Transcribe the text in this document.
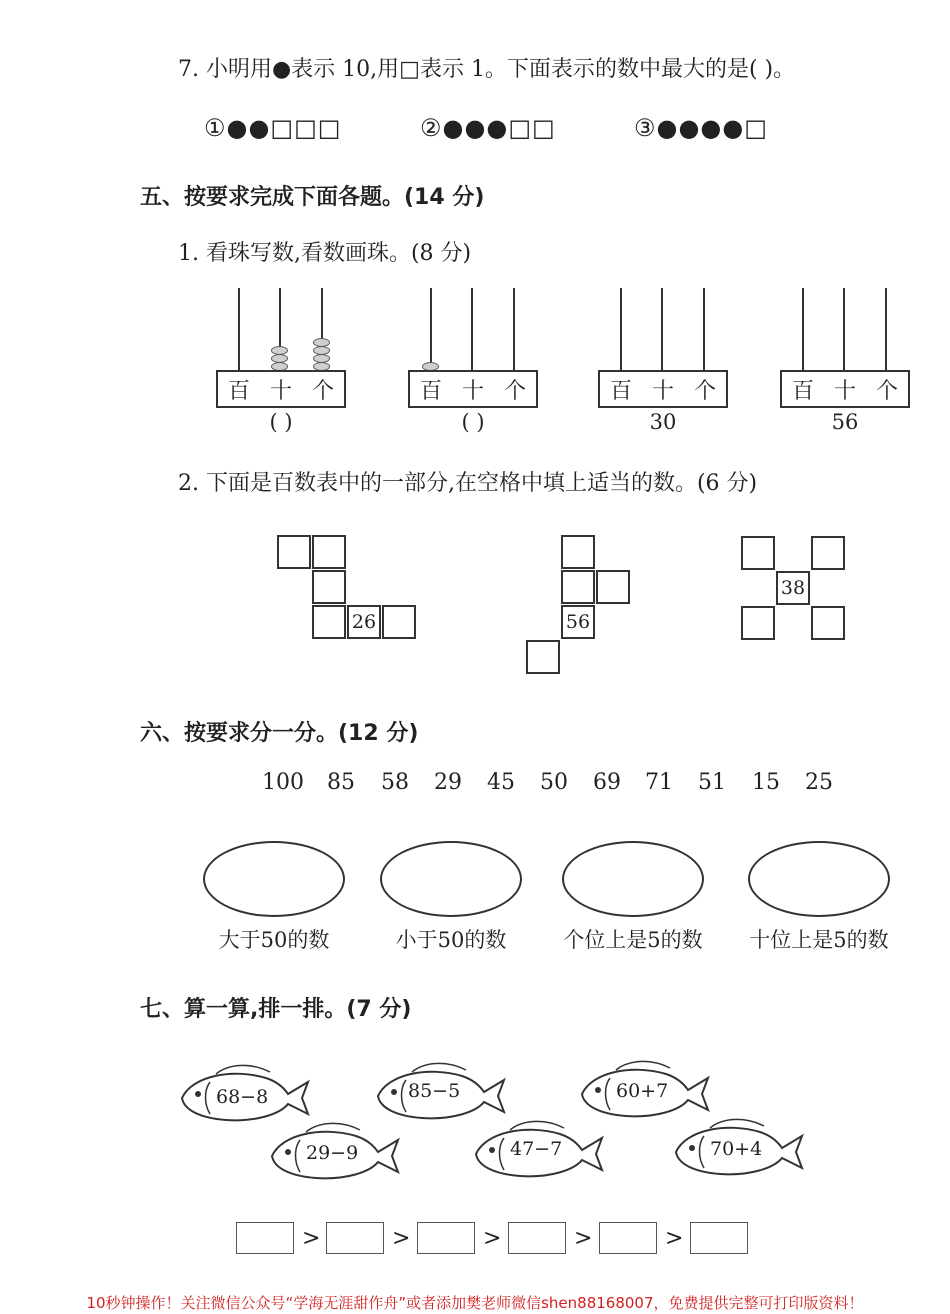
7. 小明用●表示 10,用□表示 1。下面表示的数中最大的是( )。
①●●□□□	②●●●□□	③●●●●□
五、按要求完成下面各题。(14 分)
1. 看珠写数,看数画珠。(8 分)
百 十 个
( )
百 十 个
( )
百 十 个
30
百 十 个
56
2. 下面是百数表中的一部分,在空格中填上适当的数。(6 分)
26	56
38
六、按要求分一分。(12 分)
100 85 58 29 45 50 69 71 51 15 25
大于50的数	小于50的数	个位上是5的数	十位上是5的数
七、算一算,排一排。(7 分)
68−8	85−5	60+7
29−9	47−7	70+4
>	>	>	>	>
10秒钟操作！关注微信公众号“学海无涯甜作舟”或者添加樊老师微信shen88168007，免费提供完整可打印版资料！
